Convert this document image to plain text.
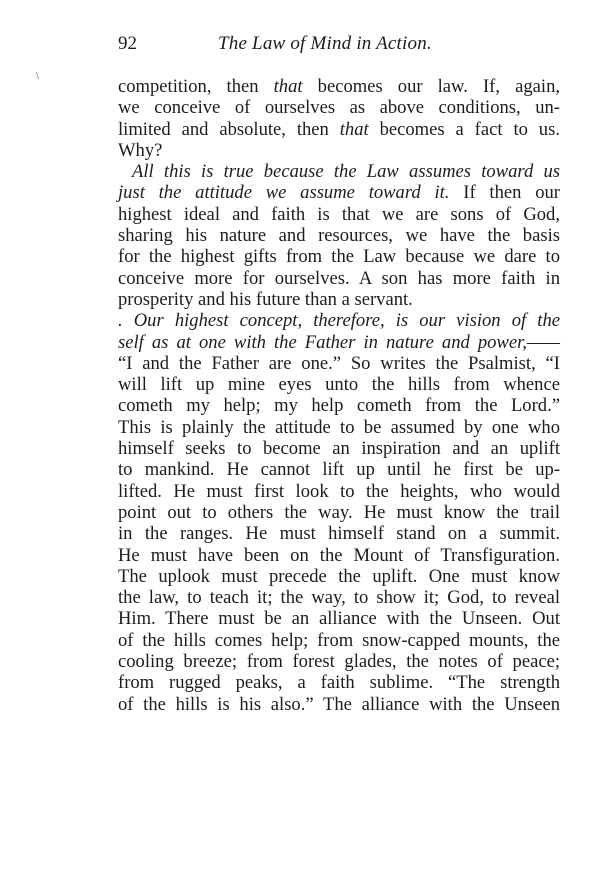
92	The Law of Mind in Action.
\	competition, then that becomes our law. If, again,
we conceive of ourselves as above conditions, un-
limited and absolute, then that becomes a fact to us.
Why?
All this is true because the Law assumes toward us
just the attitude we assume toward it. If then our
highest ideal and faith is that we are sons of God,
sharing his nature and resources, we have the basis
for the highest gifts from the Law because we dare to
conceive more for ourselves. A son has more faith in
prosperity and his future than a servant.
. Our highest concept, therefore, is our vision of the
self as at one with the Father in nature and power,——
“I and the Father are one.” So writes the Psalmist, “I
will lift up mine eyes unto the hills from whence
cometh my help; my help cometh from the Lord.”
This is plainly the attitude to be assumed by one who
himself seeks to become an inspiration and an uplift
to mankind. He cannot lift up until he first be up-
lifted. He must first look to the heights, who would
point out to others the way. He must know the trail
in the ranges. He must himself stand on a summit.
He must have been on the Mount of Transfiguration.
The uplook must precede the uplift. One must know
the law, to teach it; the way, to show it; God, to reveal
Him. There must be an alliance with the Unseen. Out
of the hills comes help; from snow-capped mounts, the
cooling breeze; from forest glades, the notes of peace;
from rugged peaks, a faith sublime. “The strength
of the hills is his also.” The alliance with the Unseen
